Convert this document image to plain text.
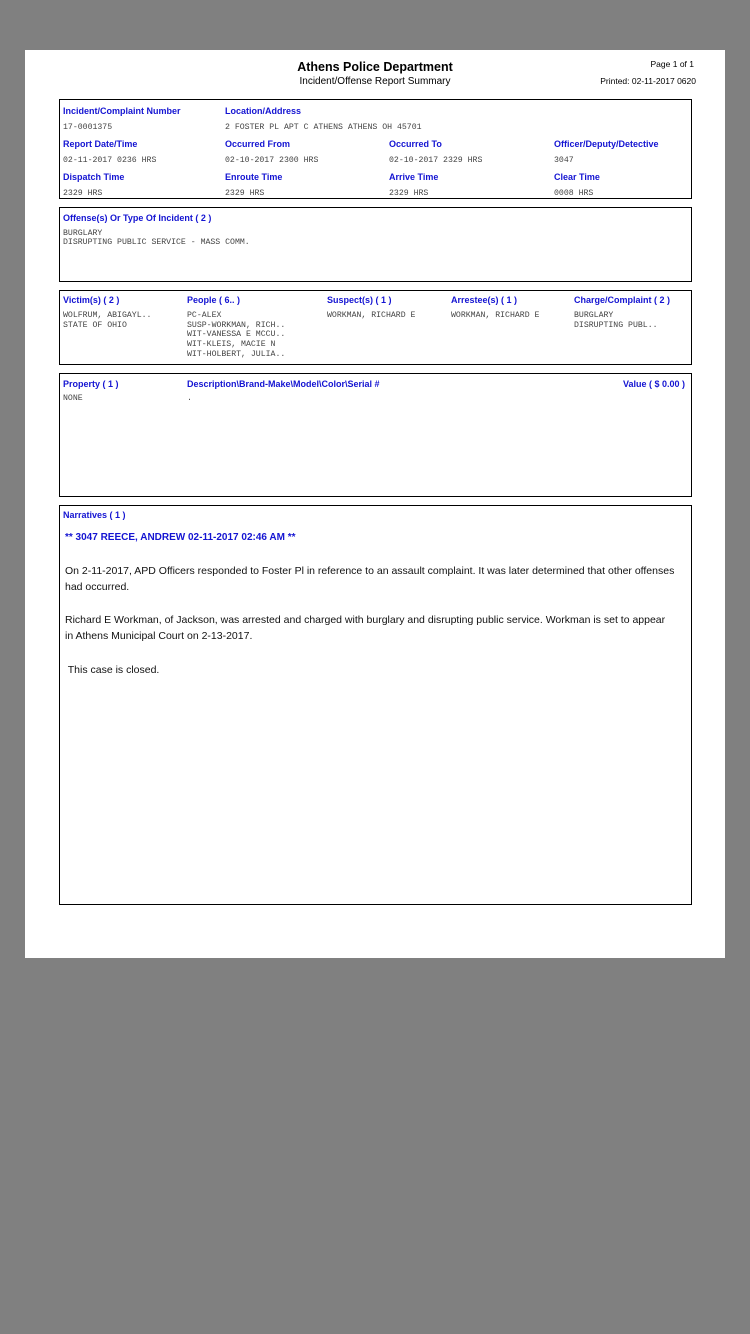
Athens Police Department
Incident/Offense Report Summary
Page 1 of 1
Printed: 02-11-2017 0620
Incident/Complaint Number
17-0001375
Location/Address
2 FOSTER PL APT C ATHENS ATHENS OH 45701
Report Date/Time
02-11-2017 0236 HRS
Occurred From
02-10-2017 2300 HRS
Occurred To
02-10-2017 2329 HRS
Officer/Deputy/Detective
3047
Dispatch Time
2329 HRS
Enroute Time
2329 HRS
Arrive Time
2329 HRS
Clear Time
0008 HRS
Offense(s) Or Type Of Incident ( 2 )
BURGLARY
DISRUPTING PUBLIC SERVICE - MASS COMM.
Victim(s) ( 2 )
WOLFRUM, ABIGAYL..
STATE OF OHIO
People ( 6.. )
PC-ALEX
SUSP-WORKMAN, RICH..
WIT-VANESSA E MCCU..
WIT-KLEIS, MACIE N
WIT-HOLBERT, JULIA..
Suspect(s) ( 1 )
WORKMAN, RICHARD E
Arrestee(s) ( 1 )
WORKMAN, RICHARD E
Charge/Complaint ( 2 )
BURGLARY
DISRUPTING PUBL..
Property ( 1 )
NONE
Description\Brand-Make\Model\Color\Serial #
.
Value ( $ 0.00 )
Narratives ( 1 )
** 3047 REECE, ANDREW 02-11-2017 02:46 AM **
On 2-11-2017, APD Officers responded to Foster Pl in reference to an assault complaint. It was later determined that other offenses had occurred.
Richard E Workman, of Jackson, was arrested and charged with burglary and disrupting public service. Workman is set to appear in Athens Municipal Court on 2-13-2017.
This case is closed.
